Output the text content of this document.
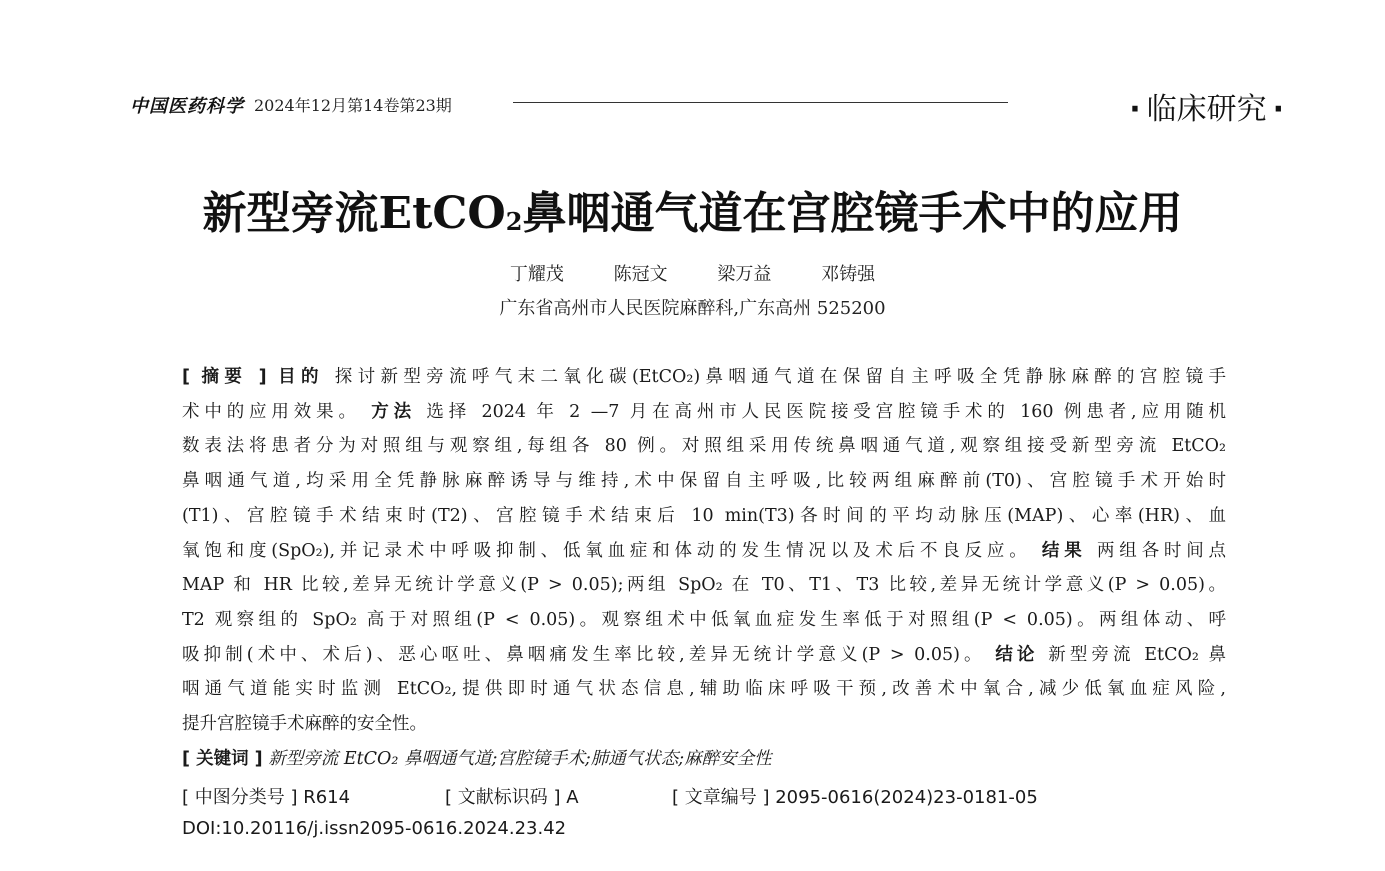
中国医药科学 2024年12月第14卷第23期	· 临床研究 ·
新型旁流EtCO$_2$鼻咽通气道在宫腔镜手术中的应用
丁耀茂	陈冠文	梁万益	邓铸强
广东省高州市人民医院麻醉科,广东高州 525200
[ 摘要 ] 目的 探讨新型旁流呼气末二氧化碳(EtCO₂)鼻咽通气道在保留自主呼吸全凭静脉麻醉的宫腔镜手
术中的应用效果。 方法 选择 2024 年 2 —7 月在高州市人民医院接受宫腔镜手术的 160 例患者,应用随机
数表法将患者分为对照组与观察组,每组各 80 例。对照组采用传统鼻咽通气道,观察组接受新型旁流 EtCO₂
鼻咽通气道,均采用全凭静脉麻醉诱导与维持,术中保留自主呼吸,比较两组麻醉前(T0)、宫腔镜手术开始时
(T1)、宫腔镜手术结束时(T2)、宫腔镜手术结束后 10 min(T3)各时间的平均动脉压(MAP)、心率(HR)、血
氧饱和度(SpO₂),并记录术中呼吸抑制、低氧血症和体动的发生情况以及术后不良反应。 结果 两组各时间点
MAP 和 HR 比较,差异无统计学意义(P > 0.05);两组 SpO₂ 在 T0、T1、T3 比较,差异无统计学意义(P > 0.05)。
T2 观察组的 SpO₂ 高于对照组(P < 0.05)。观察组术中低氧血症发生率低于对照组(P < 0.05)。两组体动、呼
吸抑制(术中、术后)、恶心呕吐、鼻咽痛发生率比较,差异无统计学意义(P > 0.05)。 结论 新型旁流 EtCO₂ 鼻
咽通气道能实时监测 EtCO₂,提供即时通气状态信息,辅助临床呼吸干预,改善术中氧合,减少低氧血症风险,
提升宫腔镜手术麻醉的安全性。
[ 关键词 ] 新型旁流 EtCO₂ 鼻咽通气道;宫腔镜手术;肺通气状态;麻醉安全性
[ 中图分类号 ] R614	[ 文献标识码 ] A	[ 文章编号 ] 2095-0616(2024)23-0181-05
DOI:10.20116/j.issn2095-0616.2024.23.42
